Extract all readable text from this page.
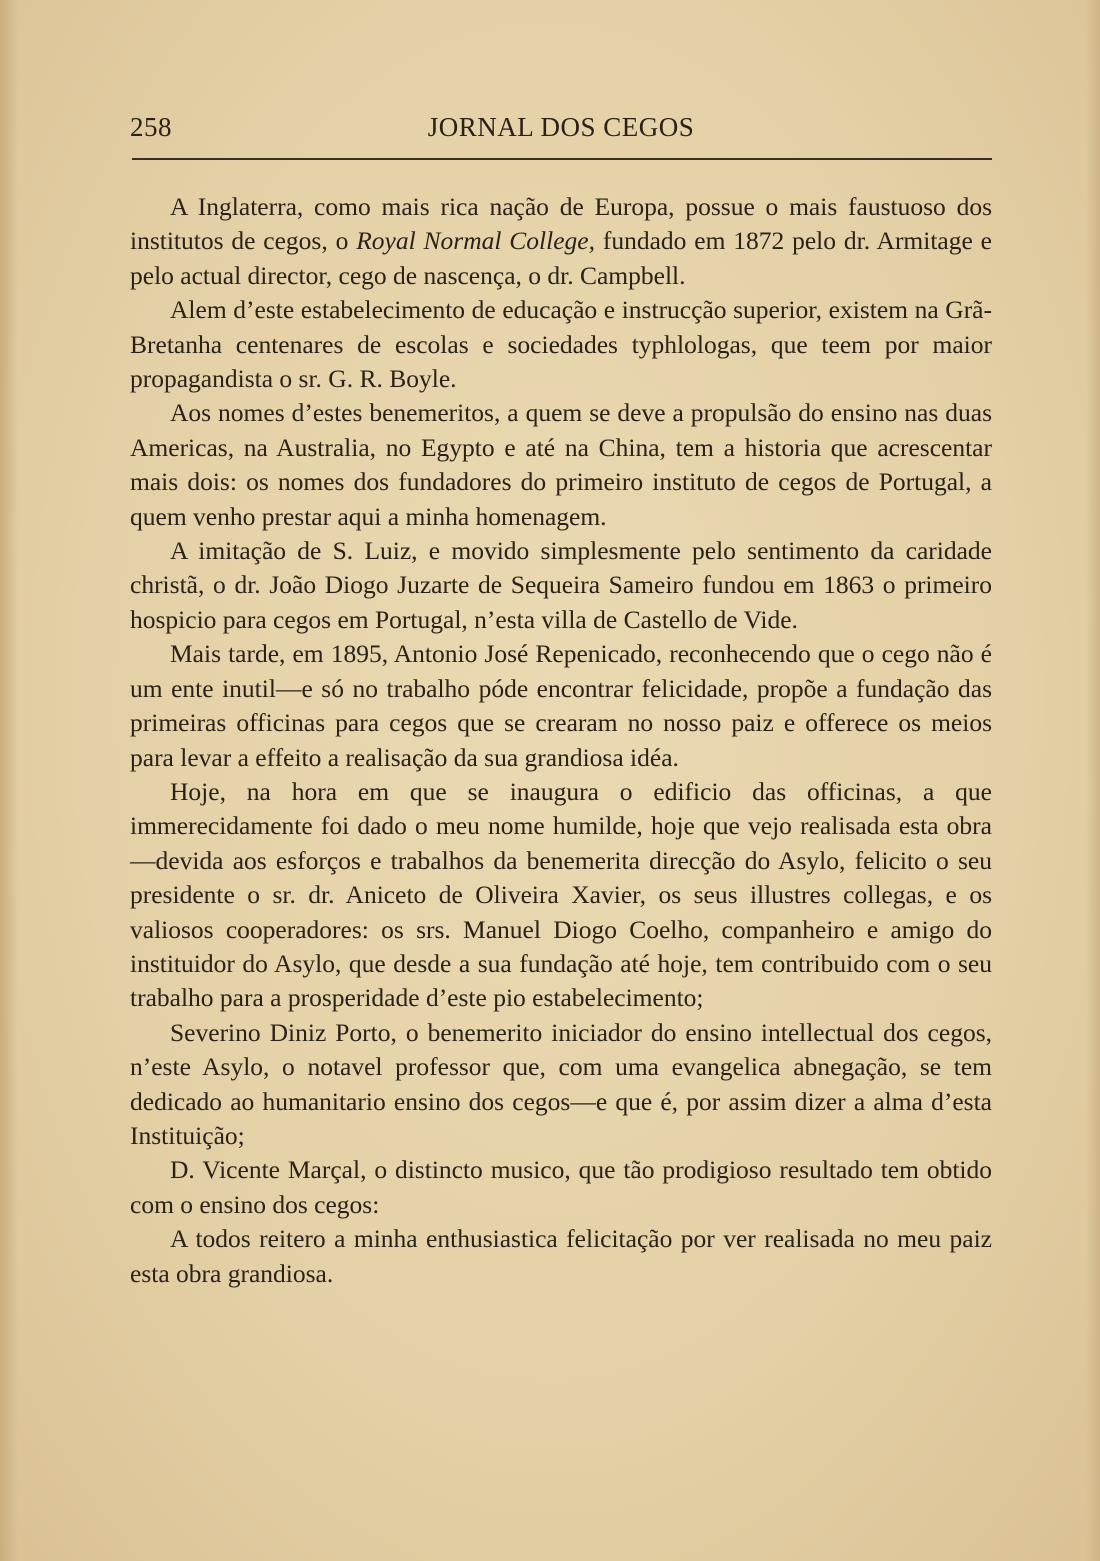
258	JORNAL DOS CEGOS

A Inglaterra, como mais rica nação de Europa, possue o mais faustuoso dos institutos de cegos, o Royal Normal College, fundado em 1872 pelo dr. Armitage e pelo actual director, cego de nascença, o dr. Campbell.

Alem d’este estabelecimento de educação e instrucção superior, existem na Grã-Bretanha centenares de escolas e sociedades typhlologas, que teem por maior propagandista o sr. G. R. Boyle.

Aos nomes d’estes benemeritos, a quem se deve a propulsão do ensino nas duas Americas, na Australia, no Egypto e até na China, tem a historia que acrescentar mais dois: os nomes dos fundadores do primeiro instituto de cegos de Portugal, a quem venho prestar aqui a minha homenagem.

A imitação de S. Luiz, e movido simplesmente pelo sentimento da caridade christã, o dr. João Diogo Juzarte de Sequeira Sameiro fundou em 1863 o primeiro hospicio para cegos em Portugal, n’esta villa de Castello de Vide.

Mais tarde, em 1895, Antonio José Repenicado, reconhecendo que o cego não é um ente inutil—e só no trabalho póde encontrar felicidade, propõe a fundação das primeiras officinas para cegos que se crearam no nosso paiz e offerece os meios para levar a effeito a realisação da sua grandiosa idéa.

Hoje, na hora em que se inaugura o edificio das officinas, a que immerecidamente foi dado o meu nome humilde, hoje que vejo realisada esta obra—devida aos esforços e trabalhos da benemerita direcção do Asylo, felicito o seu presidente o sr. dr. Aniceto de Oliveira Xavier, os seus illustres collegas, e os valiosos cooperadores: os srs. Manuel Diogo Coelho, companheiro e amigo do instituidor do Asylo, que desde a sua fundação até hoje, tem contribuido com o seu trabalho para a prosperidade d’este pio estabelecimento;

Severino Diniz Porto, o benemerito iniciador do ensino intellectual dos cegos, n’este Asylo, o notavel professor que, com uma evangelica abnegação, se tem dedicado ao humanitario ensino dos cegos—e que é, por assim dizer a alma d’esta Instituição;

D. Vicente Marçal, o distincto musico, que tão prodigioso resultado tem obtido com o ensino dos cegos:

A todos reitero a minha enthusiastica felicitação por ver realisada no meu paiz esta obra grandiosa.
